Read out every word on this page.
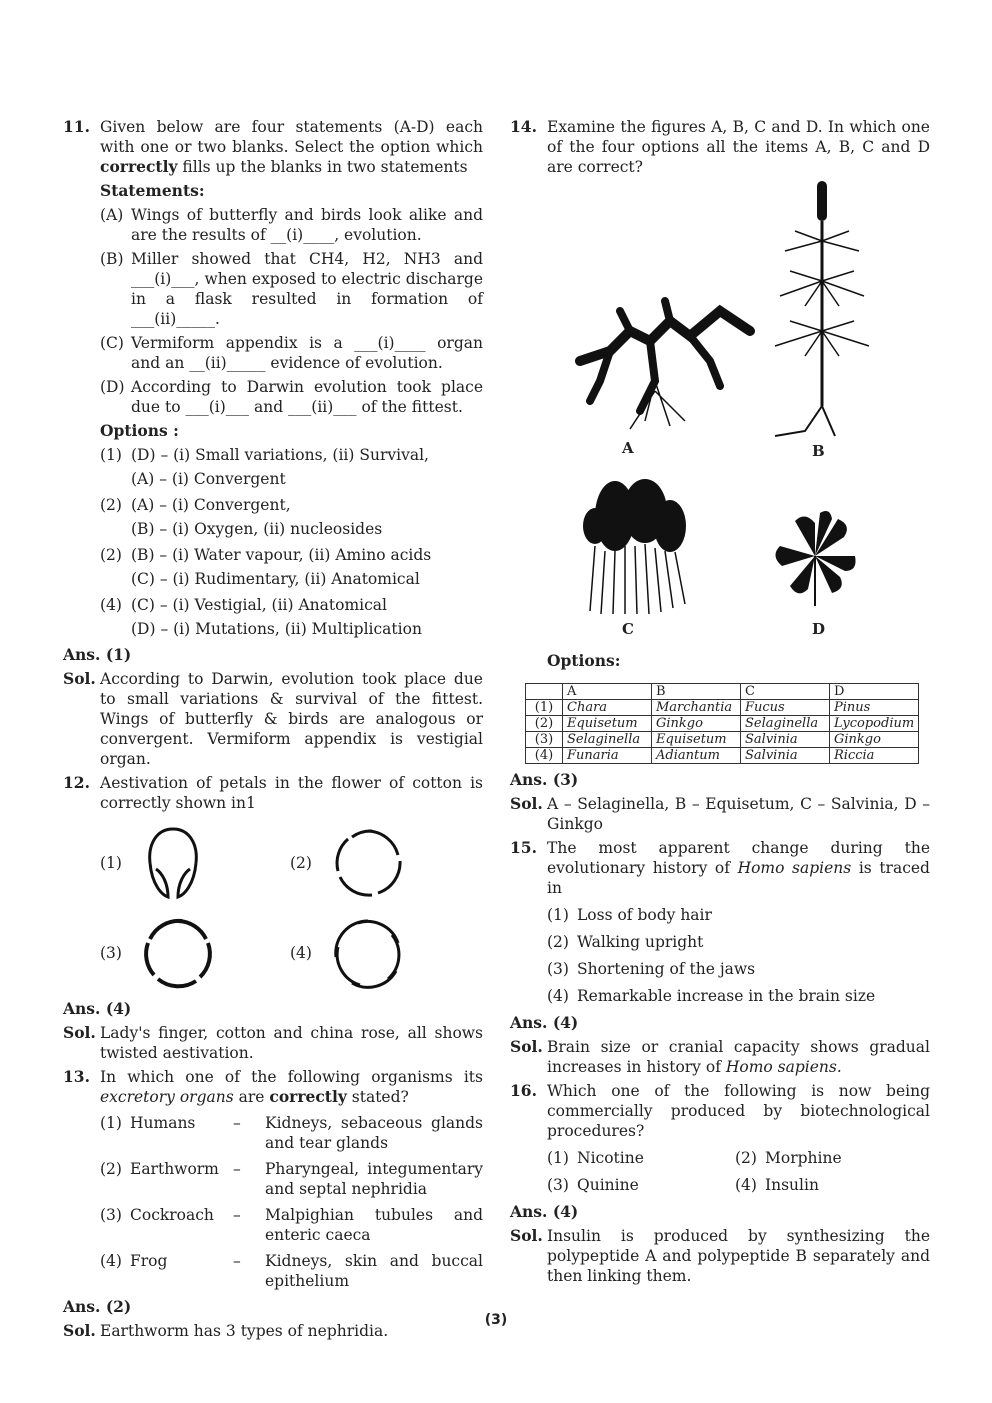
11. Given below are four statements (A-D) each with one or two blanks. Select the option which correctly fills up the blanks in two statements
Statements:
(A) Wings of butterfly and birds look alike and are the results of __(i)____, evolution.
(B) Miller showed that CH4, H2, NH3 and ___(i)___, when exposed to electric discharge in a flask resulted in formation of ___(ii)_____.
(C) Vermiform appendix is a ___(i)____ organ and an __(ii)_____ evidence of evolution.
(D) According to Darwin evolution took place due to ___(i)___ and ___(ii)___ of the fittest.
Options :
(1) (D) – (i) Small variations, (ii) Survival,
(A) – (i) Convergent
(2) (A) – (i) Convergent,
(B) – (i) Oxygen, (ii) nucleosides
(2) (B) – (i) Water vapour, (ii) Amino acids
(C) – (i) Rudimentary, (ii) Anatomical
(4) (C) – (i) Vestigial, (ii) Anatomical
(D) – (i) Mutations, (ii) Multiplication
Ans. (1)
Sol. According to Darwin, evolution took place due to small variations & survival of the fittest. Wings of butterfly & birds are analogous or convergent. Vermiform appendix is vestigial organ.
12. Aestivation of petals in the flower of cotton is correctly shown in1
(1)	(2)
(3)	(4)
Ans. (4)
Sol. Lady's finger, cotton and china rose, all shows twisted aestivation.
13. In which one of the following organisms its excretory organs are correctly stated?
(1) Humans	–	Kidneys, sebaceous glands and tear glands
(2) Earthworm –	Pharyngeal, integumentary and septal nephridia
(3) Cockroach	–	Malpighian tubules and enteric caeca
(4) Frog	–	Kidneys, skin and buccal epithelium
Ans. (2)
Sol. Earthworm has 3 types of nephridia.
14. Examine the figures A, B, C and D. In which one of the four options all the items A, B, C and D are correct?
A	B
C	D
Options:
	A	B	C	D
(1)	Chara	Marchantia	Fucus	Pinus
(2)	Equisetum	Ginkgo	Selaginella	Lycopodium
(3)	Selaginella	Equisetum	Salvinia	Ginkgo
(4)	Funaria	Adiantum	Salvinia	Riccia
Ans. (3)
Sol. A – Selaginella, B – Equisetum, C – Salvinia, D – Ginkgo
15. The most apparent change during the evolutionary history of Homo sapiens is traced in
(1) Loss of body hair
(2) Walking upright
(3) Shortening of the jaws
(4) Remarkable increase in the brain size
Ans. (4)
Sol. Brain size or cranial capacity shows gradual increases in history of Homo sapiens.
16. Which one of the following is now being commercially produced by biotechnological procedures?
(1) Nicotine	(2) Morphine
(3) Quinine	(4) Insulin
Ans. (4)
Sol. Insulin is produced by synthesizing the polypeptide A and polypeptide B separately and then linking them.
(3)
